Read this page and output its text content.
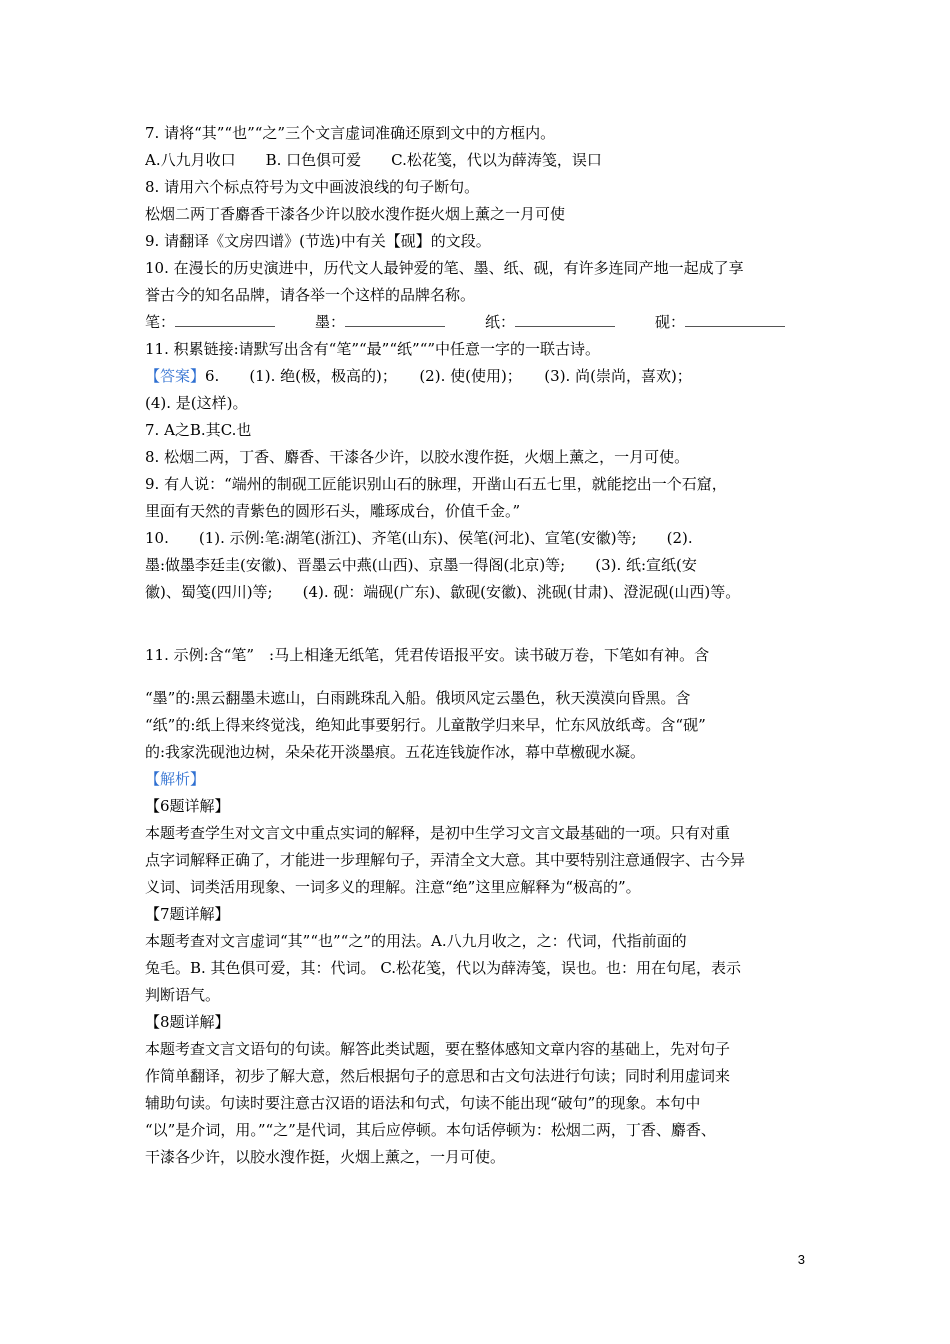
7. 请将“其”“也”“之”三个文言虚词准确还原到文中的方框内。
A.八九月收口　　B. 口色俱可爱　　C.松花笺，代以为薛涛笺，误口
8. 请用六个标点符号为文中画波浪线的句子断句。
松烟二两丁香麝香干漆各少许以胶水溲作挺火烟上薰之一月可使
9. 请翻译《文房四谱》(节选)中有关【砚】的文段。
10. 在漫长的历史演进中，历代文人最钟爱的笔、墨、纸、砚，有许多连同产地一起成了享
誉古今的知名品牌，请各举一个这样的品牌名称。
笔：	墨：	纸：	砚：
11. 积累链接:请默写出含有“笔”“最”“纸”“”中任意一字的一联古诗。
【答案】6.　　(1). 绝(极，极高的)；　　(2). 使(使用)；　　(3). 尚(崇尚，喜欢)；
(4). 是(这样)。
7. A之B.其C.也
8. 松烟二两，丁香、麝香、干漆各少许，以胶水溲作挺，火烟上薰之，一月可使。
9. 有人说：“端州的制砚工匠能识别山石的脉理，开凿山石五七里，就能挖出一个石窟，
里面有天然的青紫色的圆形石头，雕琢成台，价值千金。”
10.　　(1). 示例:笔:湖笔(浙江)、齐笔(山东)、侯笔(河北)、宣笔(安徽)等;　　(2).
墨:做墨李廷圭(安徽)、晋墨云中燕(山西)、京墨一得阁(北京)等;　　(3). 纸:宣纸(安
徽)、蜀笺(四川)等;　　(4). 砚：端砚(广东)、歙砚(安徽)、洮砚(甘肃)、澄泥砚(山西)等。
11. 示例:含“笔”　:马上相逢无纸笔，凭君传语报平安。读书破万卷，下笔如有神。含
“墨”的:黑云翻墨未遮山，白雨跳珠乱入船。俄顷风定云墨色，秋天漠漠向昏黑。含
“纸”的:纸上得来终觉浅，绝知此事要躬行。儿童散学归来早，忙东风放纸鸢。含“砚”
的:我家洗砚池边树，朵朵花开淡墨痕。五花连钱旋作冰，幕中草檄砚水凝。
【解析】
【6题详解】
本题考查学生对文言文中重点实词的解释，是初中生学习文言文最基础的一项。只有对重
点字词解释正确了，才能进一步理解句子，弄清全文大意。其中要特别注意通假字、古今异
义词、词类活用现象、一词多义的理解。注意“绝”这里应解释为“极高的”。
【7题详解】
本题考查对文言虚词“其”“也”“之”的用法。A.八九月收之，之：代词，代指前面的
兔毛。B. 其色俱可爱，其：代词。 C.松花笺，代以为薛涛笺，误也。也：用在句尾，表示
判断语气。
【8题详解】
本题考查文言文语句的句读。解答此类试题，要在整体感知文章内容的基础上，先对句子
作简单翻译，初步了解大意，然后根据句子的意思和古文句法进行句读；同时利用虚词来
辅助句读。句读时要注意古汉语的语法和句式，句读不能出现“破句”的现象。本句中
“以”是介词，用。”“之”是代词，其后应停顿。本句话停顿为：松烟二两，丁香、麝香、
干漆各少许，以胶水溲作挺，火烟上薰之，一月可使。
3
